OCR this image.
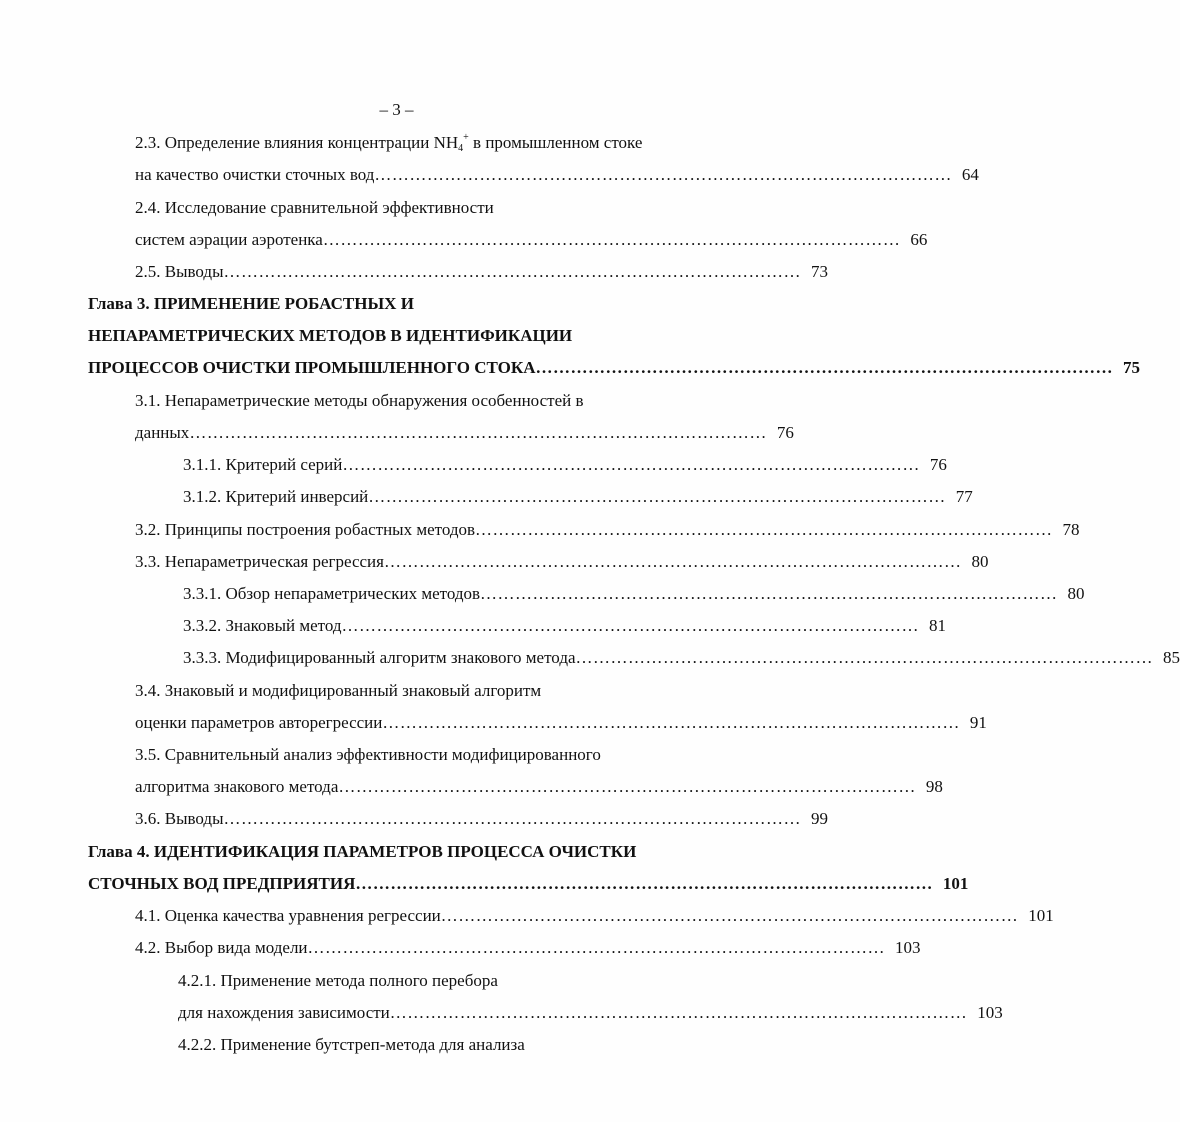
– 3 –
2.3. Определение влияния концентрации $NH_4^+$ в промышленном стоке
на качество очистки сточных вод ……………………………………………………………………………………… 64
2.4. Исследование сравнительной эффективности
систем аэрации аэротенка ……………………………………………………………………………………… 66
2.5. Выводы ……………………………………………………………………………………… 73
Глава 3. ПРИМЕНЕНИЕ РОБАСТНЫХ И
НЕПАРАМЕТРИЧЕСКИХ МЕТОДОВ В ИДЕНТИФИКАЦИИ
ПРОЦЕССОВ ОЧИСТКИ ПРОМЫШЛЕННОГО СТОКА ……………………………………………………………………………………… 75
3.1. Непараметрические методы обнаружения особенностей в
данных ……………………………………………………………………………………… 76
3.1.1. Критерий серий ……………………………………………………………………………………… 76
3.1.2. Критерий инверсий ……………………………………………………………………………………… 77
3.2. Принципы построения робастных методов ……………………………………………………………………………………… 78
3.3. Непараметрическая регрессия ……………………………………………………………………………………… 80
3.3.1. Обзор непараметрических методов ……………………………………………………………………………………… 80
3.3.2. Знаковый метод ……………………………………………………………………………………… 81
3.3.3. Модифицированный алгоритм знакового метода ……………………………………………………………………………………… 85
3.4. Знаковый и модифицированный знаковый алгоритм
оценки параметров авторегрессии ……………………………………………………………………………………… 91
3.5. Сравнительный анализ эффективности модифицированного
алгоритма знакового метода ……………………………………………………………………………………… 98
3.6. Выводы ……………………………………………………………………………………… 99
Глава 4. ИДЕНТИФИКАЦИЯ ПАРАМЕТРОВ ПРОЦЕССА ОЧИСТКИ
СТОЧНЫХ ВОД ПРЕДПРИЯТИЯ ……………………………………………………………………………………… 101
4.1. Оценка качества уравнения регрессии ……………………………………………………………………………………… 101
4.2. Выбор вида модели ……………………………………………………………………………………… 103
4.2.1. Применение метода полного перебора
для нахождения зависимости ……………………………………………………………………………………… 103
4.2.2. Применение бутстреп-метода для анализа
